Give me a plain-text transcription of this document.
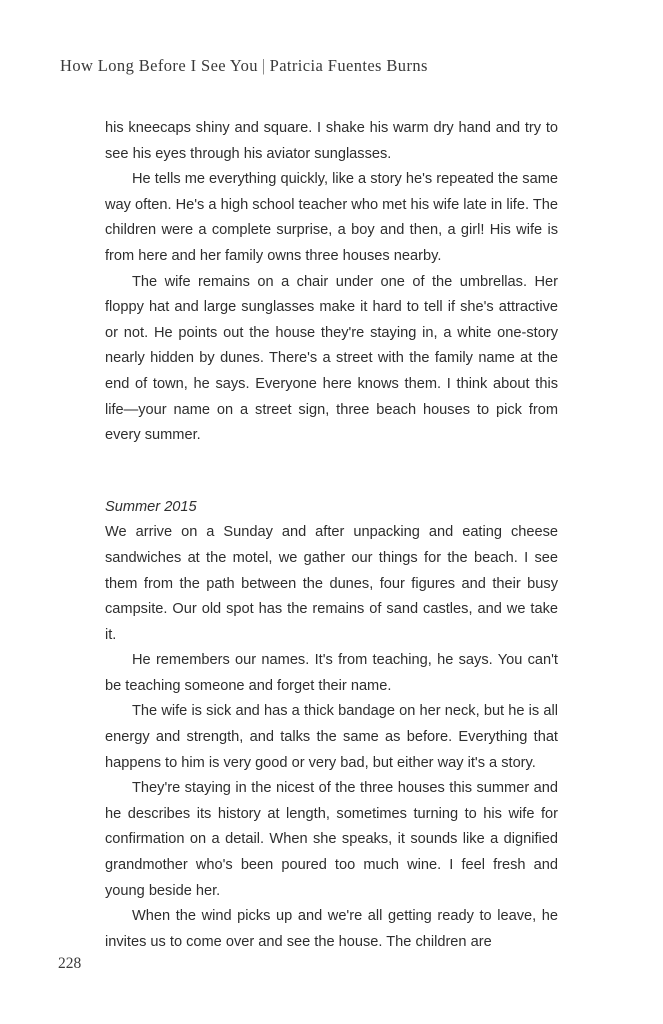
How Long Before I See You | Patricia Fuentes Burns

his kneecaps shiny and square. I shake his warm dry hand and try to see his eyes through his aviator sunglasses.

He tells me everything quickly, like a story he's repeated the same way often. He's a high school teacher who met his wife late in life. The children were a complete surprise, a boy and then, a girl! His wife is from here and her family owns three houses nearby.

The wife remains on a chair under one of the umbrellas. Her floppy hat and large sunglasses make it hard to tell if she's attractive or not. He points out the house they're staying in, a white one-story nearly hidden by dunes. There's a street with the family name at the end of town, he says. Everyone here knows them. I think about this life—your name on a street sign, three beach houses to pick from every summer.

Summer 2015

We arrive on a Sunday and after unpacking and eating cheese sandwiches at the motel, we gather our things for the beach. I see them from the path between the dunes, four figures and their busy campsite. Our old spot has the remains of sand castles, and we take it.

He remembers our names. It's from teaching, he says. You can't be teaching someone and forget their name.

The wife is sick and has a thick bandage on her neck, but he is all energy and strength, and talks the same as before. Everything that happens to him is very good or very bad, but either way it's a story.

They're staying in the nicest of the three houses this summer and he describes its history at length, sometimes turning to his wife for confirmation on a detail. When she speaks, it sounds like a dignified grandmother who's been poured too much wine. I feel fresh and young beside her.

When the wind picks up and we're all getting ready to leave, he invites us to come over and see the house. The children are

228
